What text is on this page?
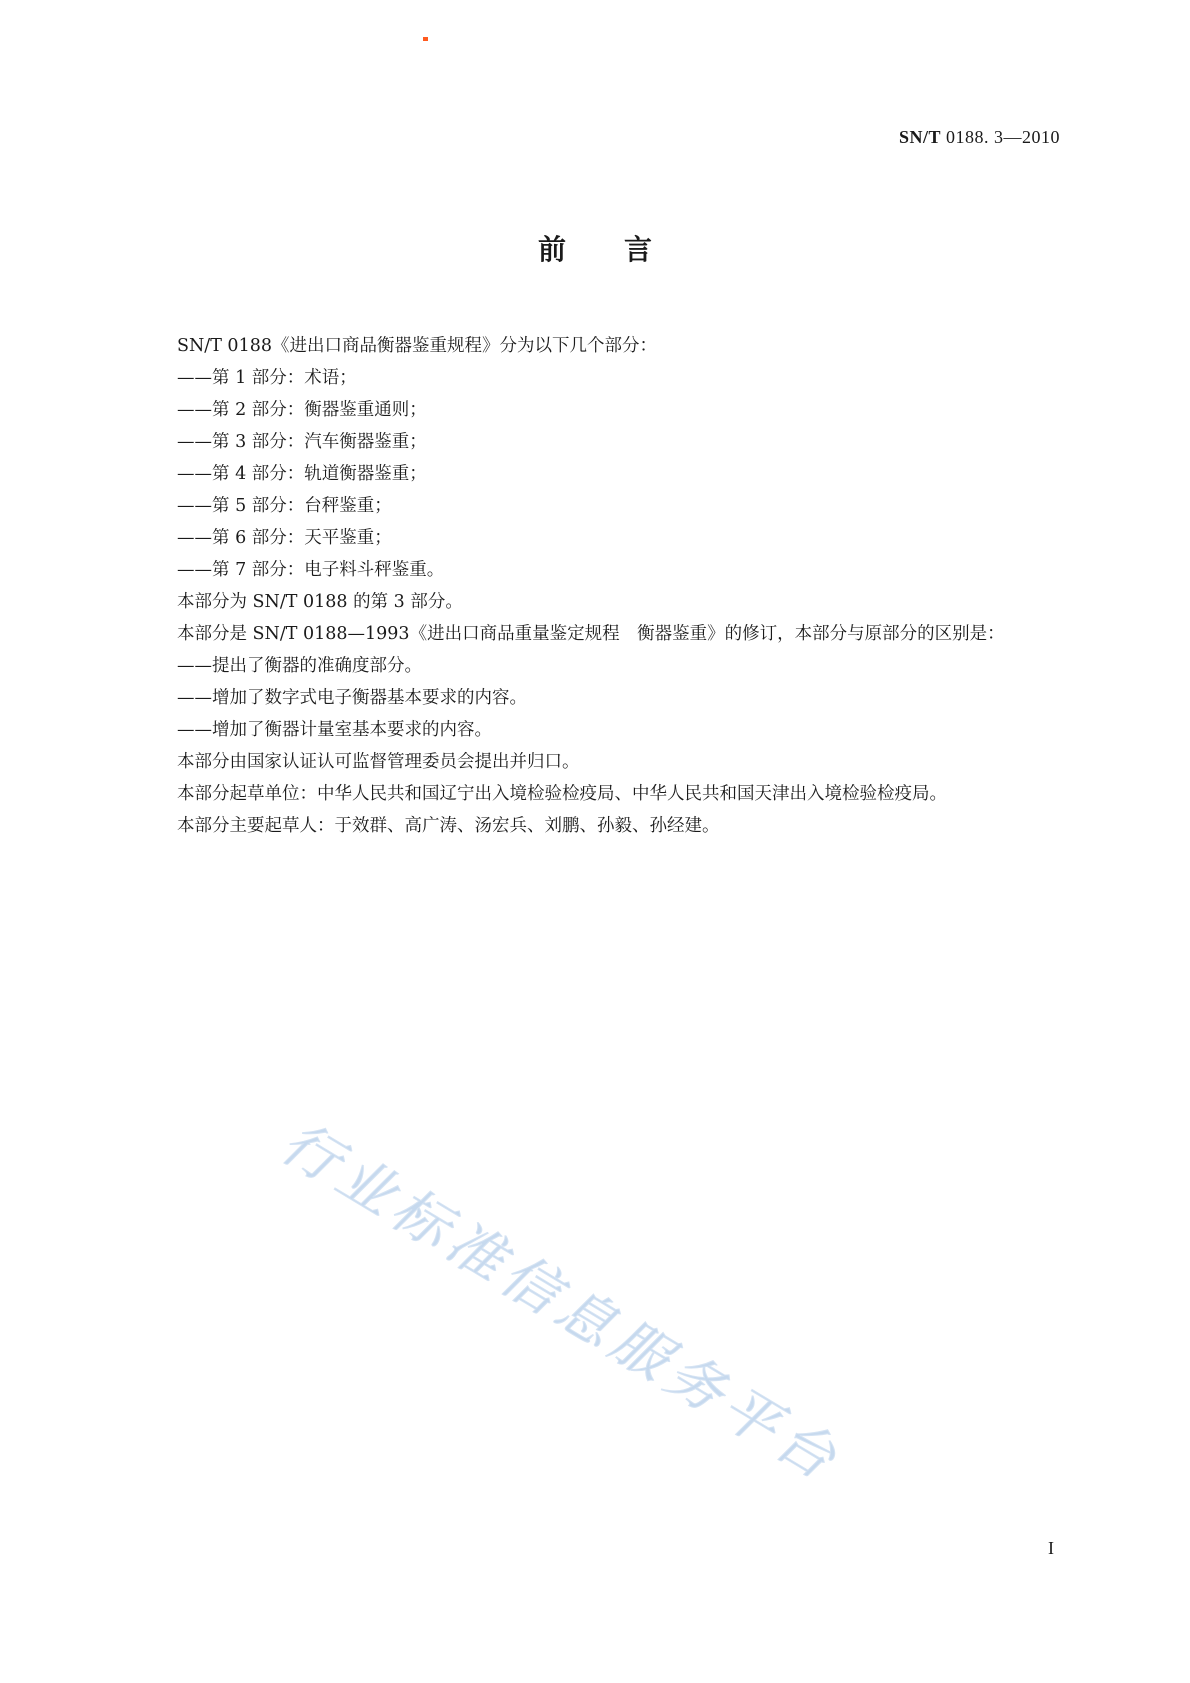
SN/T 0188. 3—2010
前言

SN/T 0188《进出口商品衡器鉴重规程》分为以下几个部分：

——第 1 部分：术语；

——第 2 部分：衡器鉴重通则；

——第 3 部分：汽车衡器鉴重；

——第 4 部分：轨道衡器鉴重；

——第 5 部分：台秤鉴重；

——第 6 部分：天平鉴重；

——第 7 部分：电子料斗秤鉴重。

本部分为 SN/T 0188 的第 3 部分。

本部分是 SN/T 0188—1993《进出口商品重量鉴定规程　衡器鉴重》的修订，本部分与原部分的区别是：

——提出了衡器的准确度部分。

——增加了数字式电子衡器基本要求的内容。

——增加了衡器计量室基本要求的内容。

本部分由国家认证认可监督管理委员会提出并归口。

本部分起草单位：中华人民共和国辽宁出入境检验检疫局、中华人民共和国天津出入境检验检疫局。

本部分主要起草人：于效群、高广涛、汤宏兵、刘鹏、孙毅、孙经建。

行业标准信息服务平台
I
